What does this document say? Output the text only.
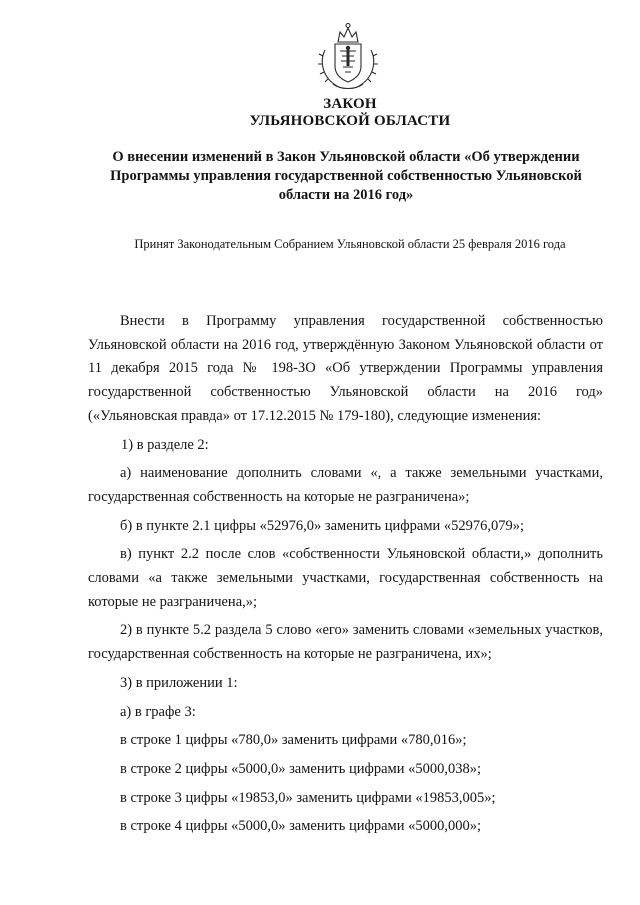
ЗАКОН
УЛЬЯНОВСКОЙ ОБЛАСТИ
О внесении изменений в Закон Ульяновской области «Об утверждении Программы управления государственной собственностью Ульяновской области на 2016 год»
Принят Законодательным Собранием Ульяновской области 25 февраля 2016 года

Внести в Программу управления государственной собственностью Ульяновской области на 2016 год, утверждённую Законом Ульяновской области от 11 декабря 2015 года № 198-ЗО «Об утверждении Программы управления государственной собственностью Ульяновской области на 2016 год» («Ульяновская правда» от 17.12.2015 № 179-180), следующие изменения:

1) в разделе 2:

а) наименование дополнить словами «, а также земельными участками, государственная собственность на которые не разграничена»;

б) в пункте 2.1 цифры «52976,0» заменить цифрами «52976,079»;

в) пункт 2.2 после слов «собственности Ульяновской области,» дополнить словами «а также земельными участками, государственная собственность на которые не разграничена,»;

2) в пункте 5.2 раздела 5 слово «его» заменить словами «земельных участков, государственная собственность на которые не разграничена, их»;

3) в приложении 1:

а) в графе 3:

в строке 1 цифры «780,0» заменить цифрами «780,016»;

в строке 2 цифры «5000,0» заменить цифрами «5000,038»;

в строке 3 цифры «19853,0» заменить цифрами «19853,005»;

в строке 4 цифры «5000,0» заменить цифрами «5000,000»;
